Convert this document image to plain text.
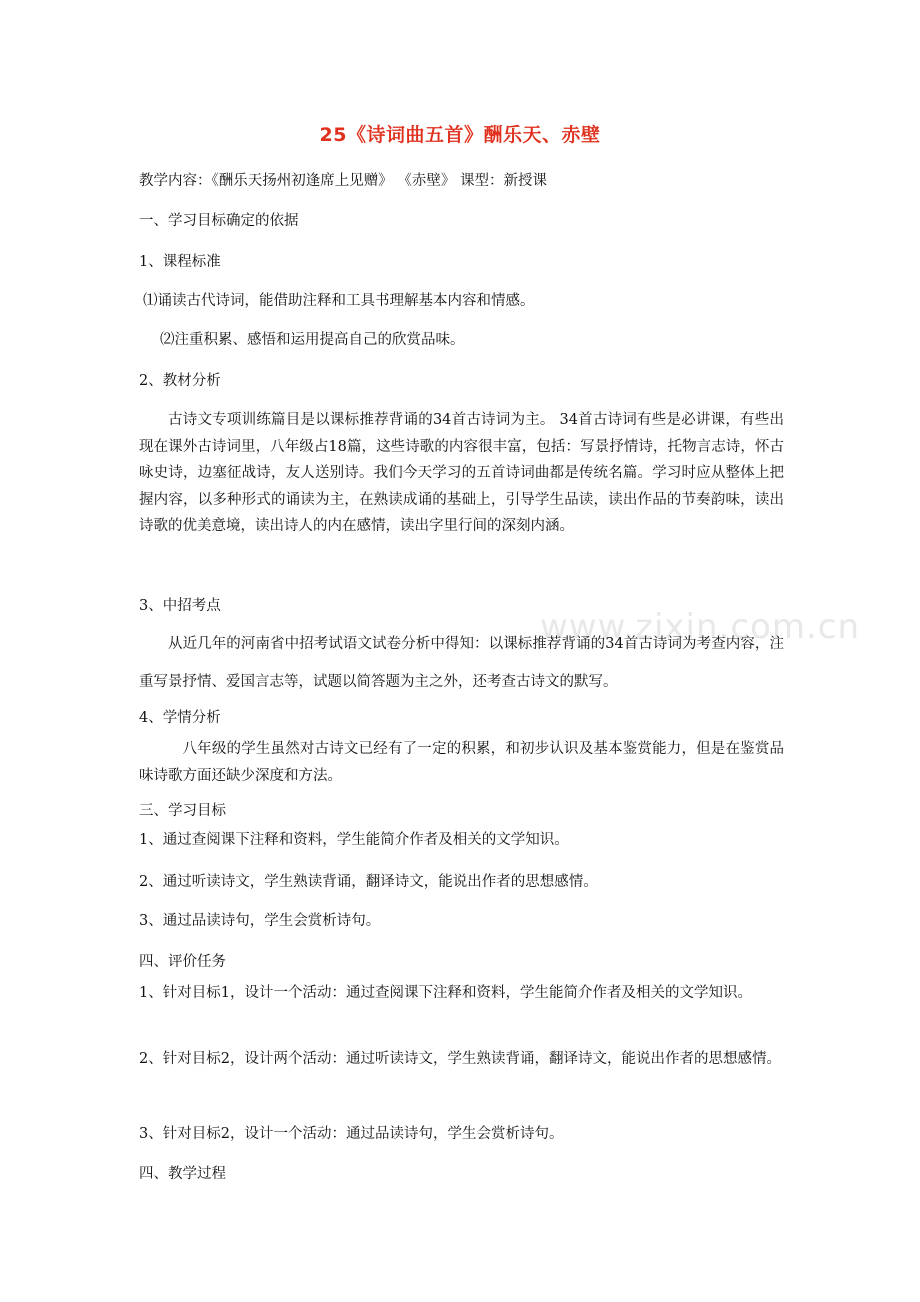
www.zixin.com.cn
25《诗词曲五首》酬乐天、赤壁
教学内容：《酬乐天扬州初逢席上见赠》 《赤壁》 课型：新授课
一、学习目标确定的依据
1、课程标准
⑴诵读古代诗词，能借助注释和工具书理解基本内容和情感。
⑵注重积累、感悟和运用提高自己的欣赏品味。
2、教材分析
古诗文专项训练篇目是以课标推荐背诵的34首古诗词为主。 34首古诗词有些是必讲课，有些出现在课外古诗词里，八年级占18篇，这些诗歌的内容很丰富，包括：写景抒情诗，托物言志诗，怀古咏史诗，边塞征战诗，友人送别诗。我们今天学习的五首诗词曲都是传统名篇。学习时应从整体上把握内容，以多种形式的诵读为主，在熟读成诵的基础上，引导学生品读，读出作品的节奏韵味，读出诗歌的优美意境，读出诗人的内在感情，读出字里行间的深刻内涵。
3、中招考点
从近几年的河南省中招考试语文试卷分析中得知：以课标推荐背诵的34首古诗词为考查内容，注重写景抒情、爱国言志等，试题以简答题为主之外，还考查古诗文的默写。
4、学情分析
八年级的学生虽然对古诗文已经有了一定的积累，和初步认识及基本鉴赏能力，但是在鉴赏品味诗歌方面还缺少深度和方法。
三、学习目标
1、通过查阅课下注释和资料，学生能简介作者及相关的文学知识。
2、通过听读诗文，学生熟读背诵，翻译诗文，能说出作者的思想感情。
3、通过品读诗句，学生会赏析诗句。
四、评价任务
1、针对目标1，设计一个活动：通过查阅课下注释和资料，学生能简介作者及相关的文学知识。
2、针对目标2，设计两个活动：通过听读诗文，学生熟读背诵，翻译诗文，能说出作者的思想感情。
3、针对目标2，设计一个活动：通过品读诗句，学生会赏析诗句。
四、教学过程
